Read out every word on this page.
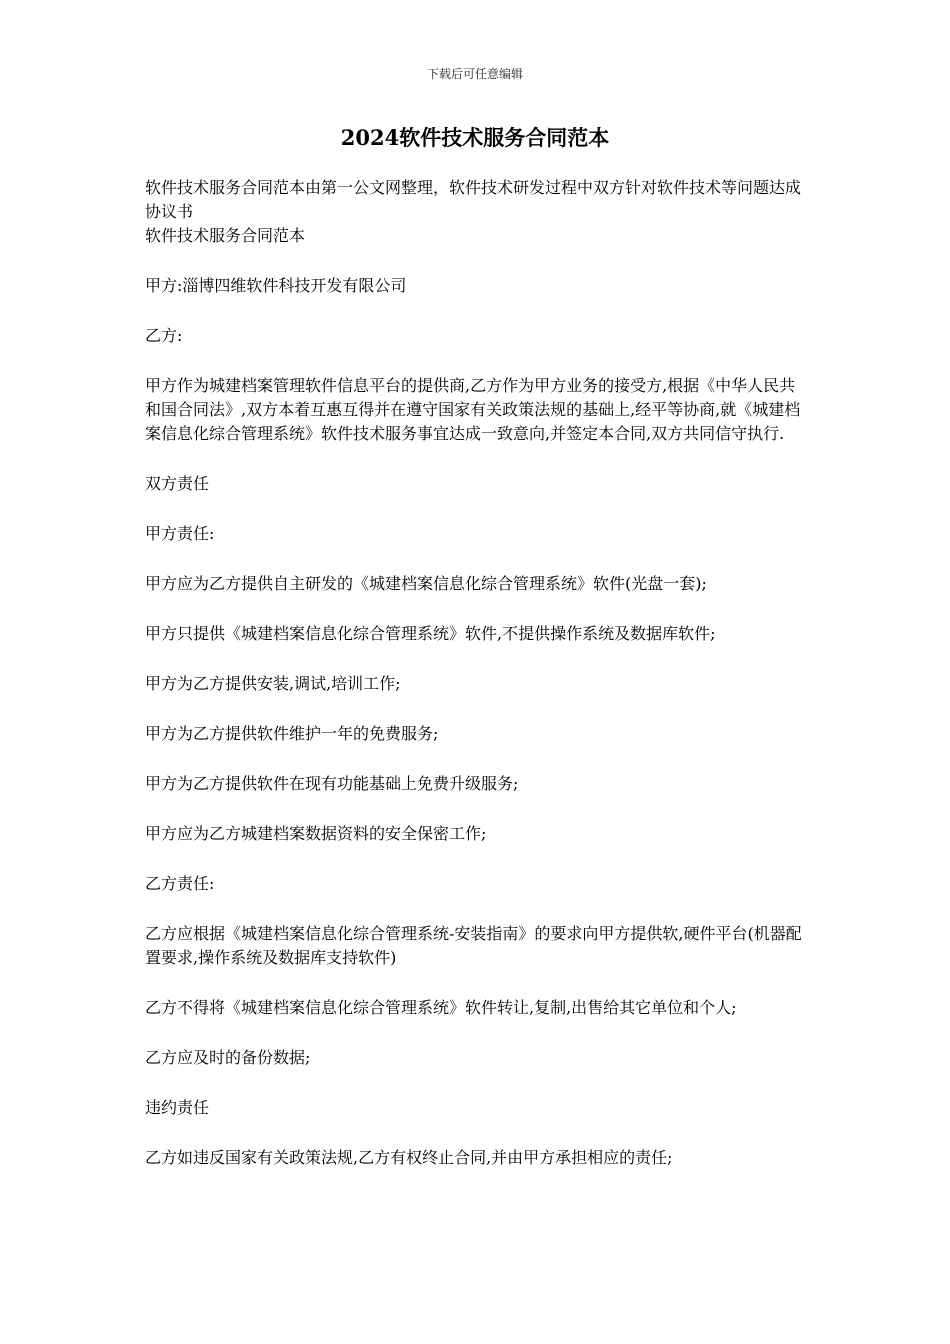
下载后可任意编辑
2024软件技术服务合同范本

软件技术服务合同范本由第一公文网整理，软件技术研发过程中双方针对软件技术等问题达成协议书

软件技术服务合同范本

甲方:淄博四维软件科技开发有限公司

乙方:

甲方作为城建档案管理软件信息平台的提供商,乙方作为甲方业务的接受方,根据《中华人民共和国合同法》,双方本着互惠互得并在遵守国家有关政策法规的基础上,经平等协商,就《城建档案信息化综合管理系统》软件技术服务事宜达成一致意向,并签定本合同,双方共同信守执行.

双方责任

甲方责任:

甲方应为乙方提供自主研发的《城建档案信息化综合管理系统》软件(光盘一套);

甲方只提供《城建档案信息化综合管理系统》软件,不提供操作系统及数据库软件;

甲方为乙方提供安装,调试,培训工作;

甲方为乙方提供软件维护一年的免费服务;

甲方为乙方提供软件在现有功能基础上免费升级服务;

甲方应为乙方城建档案数据资料的安全保密工作;

乙方责任:

乙方应根据《城建档案信息化综合管理系统-安装指南》的要求向甲方提供软,硬件平台(机器配置要求,操作系统及数据库支持软件)

乙方不得将《城建档案信息化综合管理系统》软件转让,复制,出售给其它单位和个人;

乙方应及时的备份数据;

违约责任

乙方如违反国家有关政策法规,乙方有权终止合同,并由甲方承担相应的责任;
